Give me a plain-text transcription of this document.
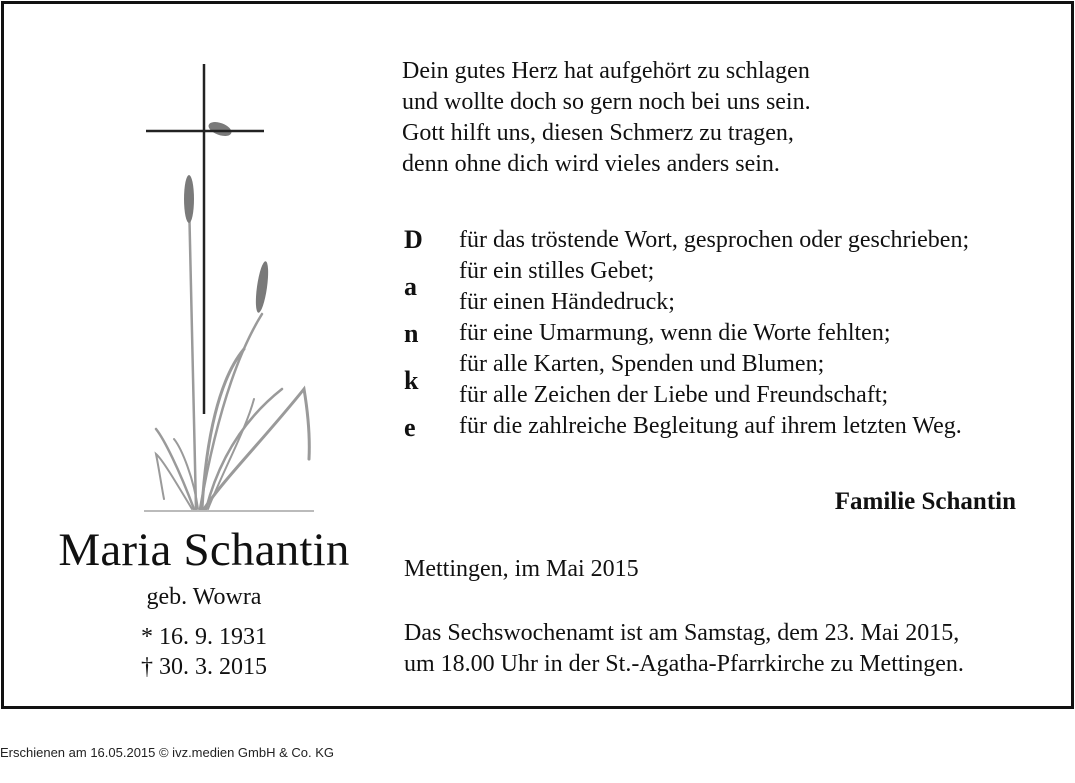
Maria Schantin
geb. Wowra
* 16. 9. 1931
† 30. 3. 2015
Dein gutes Herz hat aufgehört zu schlagen
und wollte doch so gern noch bei uns sein.
Gott hilft uns, diesen Schmerz zu tragen,
denn ohne dich wird vieles anders sein.
D
a
n
k
e
für das tröstende Wort, gesprochen oder geschrieben;
für ein stilles Gebet;
für einen Händedruck;
für eine Umarmung, wenn die Worte fehlten;
für alle Karten, Spenden und Blumen;
für alle Zeichen der Liebe und Freundschaft;
für die zahlreiche Begleitung auf ihrem letzten Weg.
Familie Schantin
Mettingen, im Mai 2015
Das Sechswochenamt ist am Samstag, dem 23. Mai 2015,
um 18.00 Uhr in der St.-Agatha-Pfarrkirche zu Mettingen.
Erschienen am 16.05.2015 © ivz.medien GmbH & Co. KG
